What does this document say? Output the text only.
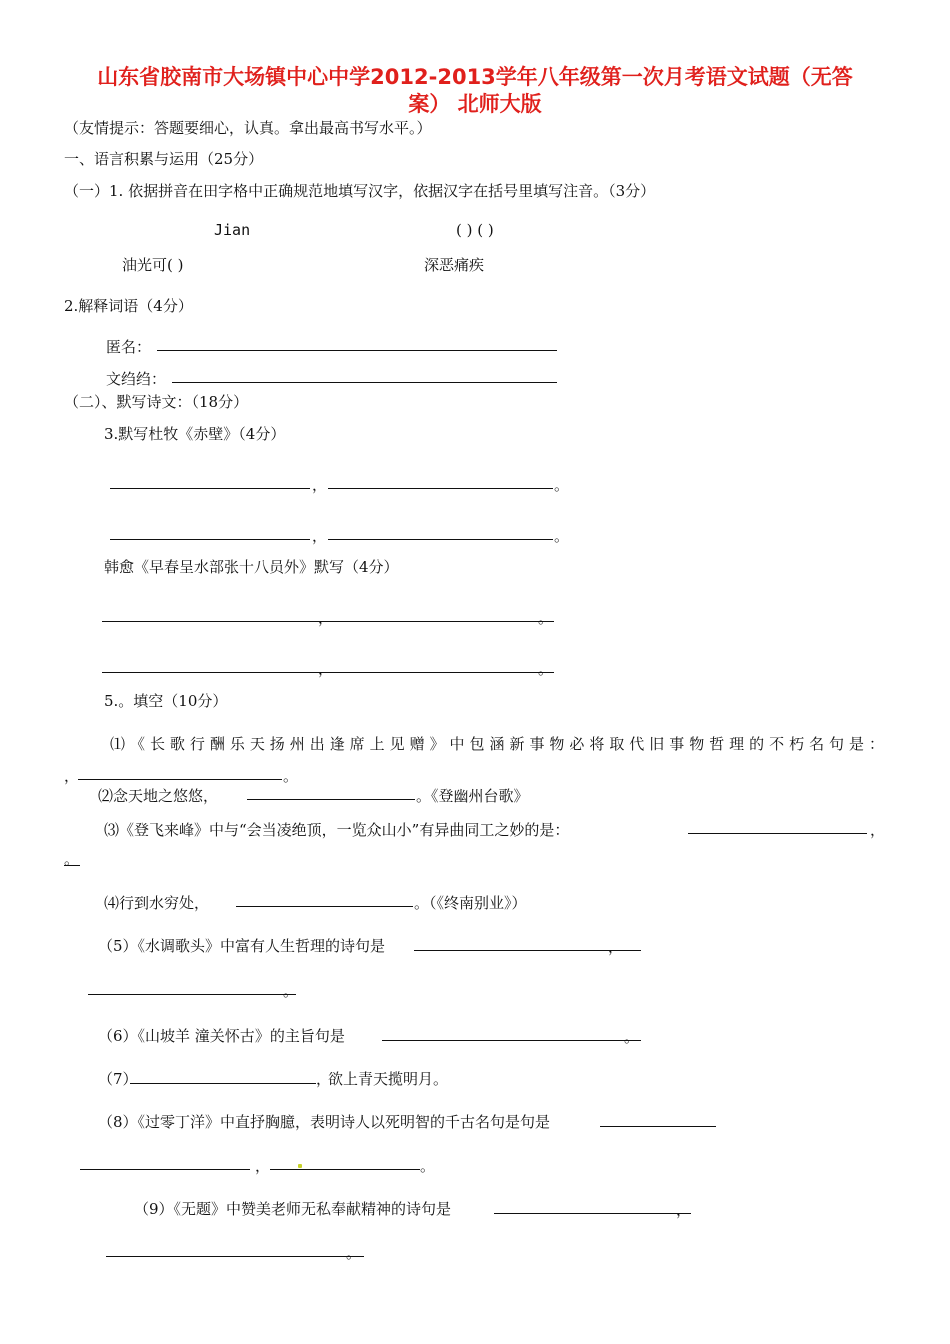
山东省胶南市大场镇中心中学2012-2013学年八年级第一次月考语文试题（无答
案） 北师大版
（友情提示：答题要细心，认真。拿出最高书写水平。）
一、语言积累与运用（25分）
（一）1. 依据拼音在田字格中正确规范地填写汉字，依据汉字在括号里填写注音。（3分）
Jian	( ) ( )
油光可( )	深恶痛疾
2.解释词语（4分）
匿名：
文绉绉：
（二）、默写诗文：（18分）
3.默写杜牧《赤壁》（4分）
，	。
，	。
韩愈《早春呈水部张十八员外》默写（4分）
，	。
，	。
5.。填空（10分）
⑴《长歌行酬乐天扬州出逢席上见赠》中包涵新事物必将取代旧事物哲理的不朽名句是：
，	。
⑵念天地之悠悠，	。《登幽州台歌》
⑶《登飞来峰》中与“会当凌绝顶，一览众山小”有异曲同工之妙的是：	，
。
⑷行到水穷处，	。（《终南别业》）
（5）《水调歌头》中富有人生哲理的诗句是	，
。
（6）《山坡羊 潼关怀古》的主旨句是	。
（7）	，
欲上青天揽明月。
（8）《过零丁洋》中直抒胸臆，表明诗人以死明智的千古名句是句是
，	。
（9）《无题》中赞美老师无私奉献精神的诗句是	，
。
